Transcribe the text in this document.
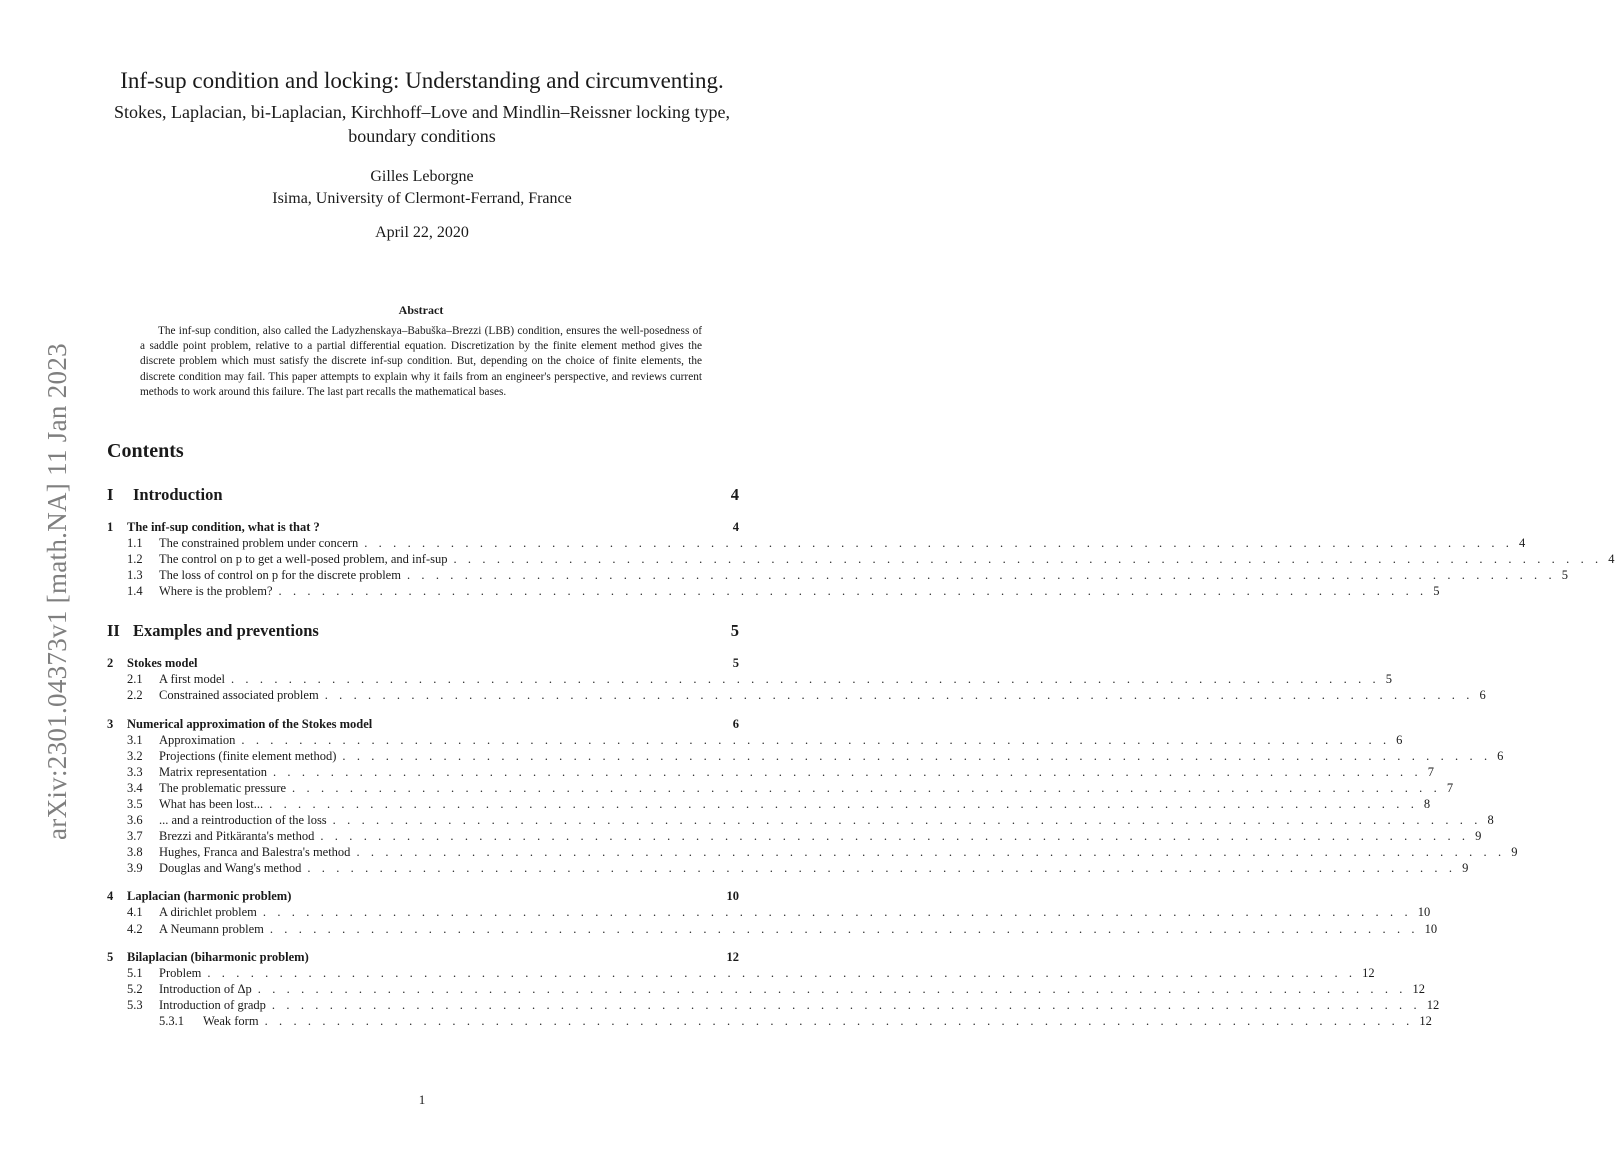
arXiv:2301.04373v1 [math.NA] 11 Jan 2023
Inf-sup condition and locking: Understanding and circumventing.
Stokes, Laplacian, bi-Laplacian, Kirchhoff–Love and Mindlin–Reissner locking type, boundary conditions
Gilles Leborgne
Isima, University of Clermont-Ferrand, France
April 22, 2020
Abstract
The inf-sup condition, also called the Ladyzhenskaya–Babuška–Brezzi (LBB) condition, ensures the well-posedness of a saddle point problem, relative to a partial differential equation. Discretization by the finite element method gives the discrete problem which must satisfy the discrete inf-sup condition. But, depending on the choice of finite elements, the discrete condition may fail. This paper attempts to explain why it fails from an engineer's perspective, and reviews current methods to work around this failure. The last part recalls the mathematical bases.
Contents
I	Introduction	4
1	The inf-sup condition, what is that ?	4
1.1	The constrained problem under concern . . . . . . . . . . . . . . . . . . . . . . . . . . . . . . . . . . . . . . . . . . . . . . . . . . . . . . . . . . . . . . . . . . . . . . . . . . . . . . . . 4
1.2	The control on p to get a well-posed problem, and inf-sup . . . . . . . . . . . . . . . . . . . . . . . . . . . . . . . . . . . . . . . . . . . . . . . . . . . . . . . . . . . . . . . . . . . . . . . . . . . . . . . . 4
1.3	The loss of control on p for the discrete problem . . . . . . . . . . . . . . . . . . . . . . . . . . . . . . . . . . . . . . . . . . . . . . . . . . . . . . . . . . . . . . . . . . . . . . . . . . . . . . . . 5
1.4	Where is the problem? . . . . . . . . . . . . . . . . . . . . . . . . . . . . . . . . . . . . . . . . . . . . . . . . . . . . . . . . . . . . . . . . . . . . . . . . . . . . . . . . 5
II Examples and preventions	5
2	Stokes model	5
2.1	A first model . . . . . . . . . . . . . . . . . . . . . . . . . . . . . . . . . . . . . . . . . . . . . . . . . . . . . . . . . . . . . . . . . . . . . . . . . . . . . . . . 5
2.2	Constrained associated problem . . . . . . . . . . . . . . . . . . . . . . . . . . . . . . . . . . . . . . . . . . . . . . . . . . . . . . . . . . . . . . . . . . . . . . . . . . . . . . . . 6
3	Numerical approximation of the Stokes model	6
3.1	Approximation . . . . . . . . . . . . . . . . . . . . . . . . . . . . . . . . . . . . . . . . . . . . . . . . . . . . . . . . . . . . . . . . . . . . . . . . . . . . . . . . 6
3.2	Projections (finite element method) . . . . . . . . . . . . . . . . . . . . . . . . . . . . . . . . . . . . . . . . . . . . . . . . . . . . . . . . . . . . . . . . . . . . . . . . . . . . . . . . 6
3.3	Matrix representation . . . . . . . . . . . . . . . . . . . . . . . . . . . . . . . . . . . . . . . . . . . . . . . . . . . . . . . . . . . . . . . . . . . . . . . . . . . . . . . . 7
3.4	The problematic pressure . . . . . . . . . . . . . . . . . . . . . . . . . . . . . . . . . . . . . . . . . . . . . . . . . . . . . . . . . . . . . . . . . . . . . . . . . . . . . . . . 7
3.5	What has been lost... . . . . . . . . . . . . . . . . . . . . . . . . . . . . . . . . . . . . . . . . . . . . . . . . . . . . . . . . . . . . . . . . . . . . . . . . . . . . . . . . 8
3.6	... and a reintroduction of the loss . . . . . . . . . . . . . . . . . . . . . . . . . . . . . . . . . . . . . . . . . . . . . . . . . . . . . . . . . . . . . . . . . . . . . . . . . . . . . . . . 8
3.7	Brezzi and Pitkäranta's method . . . . . . . . . . . . . . . . . . . . . . . . . . . . . . . . . . . . . . . . . . . . . . . . . . . . . . . . . . . . . . . . . . . . . . . . . . . . . . . . 9
3.8	Hughes, Franca and Balestra's method . . . . . . . . . . . . . . . . . . . . . . . . . . . . . . . . . . . . . . . . . . . . . . . . . . . . . . . . . . . . . . . . . . . . . . . . . . . . . . . . 9
3.9	Douglas and Wang's method . . . . . . . . . . . . . . . . . . . . . . . . . . . . . . . . . . . . . . . . . . . . . . . . . . . . . . . . . . . . . . . . . . . . . . . . . . . . . . . . 9
4	Laplacian (harmonic problem)	10
4.1	A dirichlet problem . . . . . . . . . . . . . . . . . . . . . . . . . . . . . . . . . . . . . . . . . . . . . . . . . . . . . . . . . . . . . . . . . . . . . . . . . . . . . . . . 10
4.2	A Neumann problem . . . . . . . . . . . . . . . . . . . . . . . . . . . . . . . . . . . . . . . . . . . . . . . . . . . . . . . . . . . . . . . . . . . . . . . . . . . . . . . . 10
5	Bilaplacian (biharmonic problem)	12
5.1	Problem . . . . . . . . . . . . . . . . . . . . . . . . . . . . . . . . . . . . . . . . . . . . . . . . . . . . . . . . . . . . . . . . . . . . . . . . . . . . . . . . 12
5.2	Introduction of Δp . . . . . . . . . . . . . . . . . . . . . . . . . . . . . . . . . . . . . . . . . . . . . . . . . . . . . . . . . . . . . . . . . . . . . . . . . . . . . . . . 12
5.3	Introduction of gradp . . . . . . . . . . . . . . . . . . . . . . . . . . . . . . . . . . . . . . . . . . . . . . . . . . . . . . . . . . . . . . . . . . . . . . . . . . . . . . . . 12
5.3.1	Weak form . . . . . . . . . . . . . . . . . . . . . . . . . . . . . . . . . . . . . . . . . . . . . . . . . . . . . . . . . . . . . . . . . . . . . . . . . . . . . . . . 12
1
